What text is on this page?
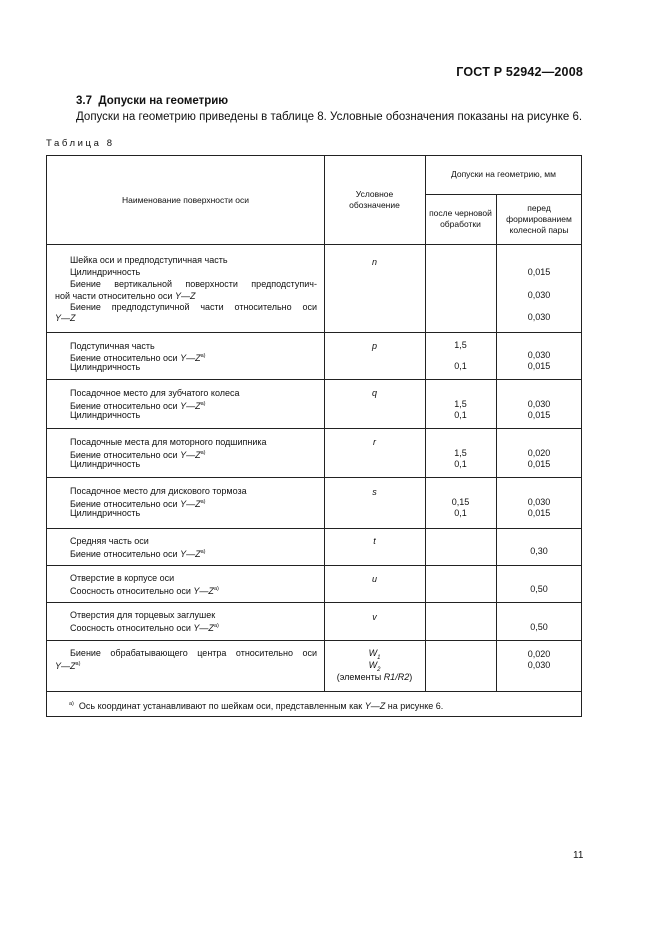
ГОСТ Р 52942—2008
3.7 Допуски на геометрию
Допуски на геометрию приведены в таблице 8. Условные обозначения показаны на рисунке 6.
Таблица 8
Наименование поверхности оси
Условное
обозначение
Допуски на геометрию, мм
после черновой
обработки
перед
формированием
колесной пары
Шейка оси и предподступичная часть
Цилиндричность
Биение вертикальной поверхности предподступич-
ной части относительно оси Y—Z
Биение предподступичной части относительно оси
Y—Z
n
0,015
0,030
0,030
Подступичная часть
Биение относительно оси $Y—Z^{a)}$
Цилиндричность
p	1,5
0,1
0,030
0,015
Посадочное место для зубчатого колеса
Биение относительно оси $Y—Z^{a)}$
Цилиндричность
q
1,5
0,1
0,030
0,015
Посадочные места для моторного подшипника
Биение относительно оси $Y—Z^{a)}$
Цилиндричность
r
1,5
0,1
0,020
0,015
Посадочное место для дискового тормоза
Биение относительно оси $Y—Z^{a)}$
Цилиндричность
s
0,15
0,1
0,030
0,015
Средняя часть оси
Биение относительно оси $Y—Z^{a)}$
t
0,30
Отверстие в корпусе оси
Соосность относительно оси $Y—Z^{a)}$
u
0,50
Отверстия для торцевых заглушек
Соосность относительно оси $Y—Z^{a)}$
v
0,50
Биение обрабатывающего центра относительно оси
$Y—Z^{a)}$
$W_1$
$W_2$
(элементы R1/R2)
0,020
0,030
$^{a)}$  Ось координат устанавливают по шейкам оси, представленным как Y—Z на рисунке 6.
11
